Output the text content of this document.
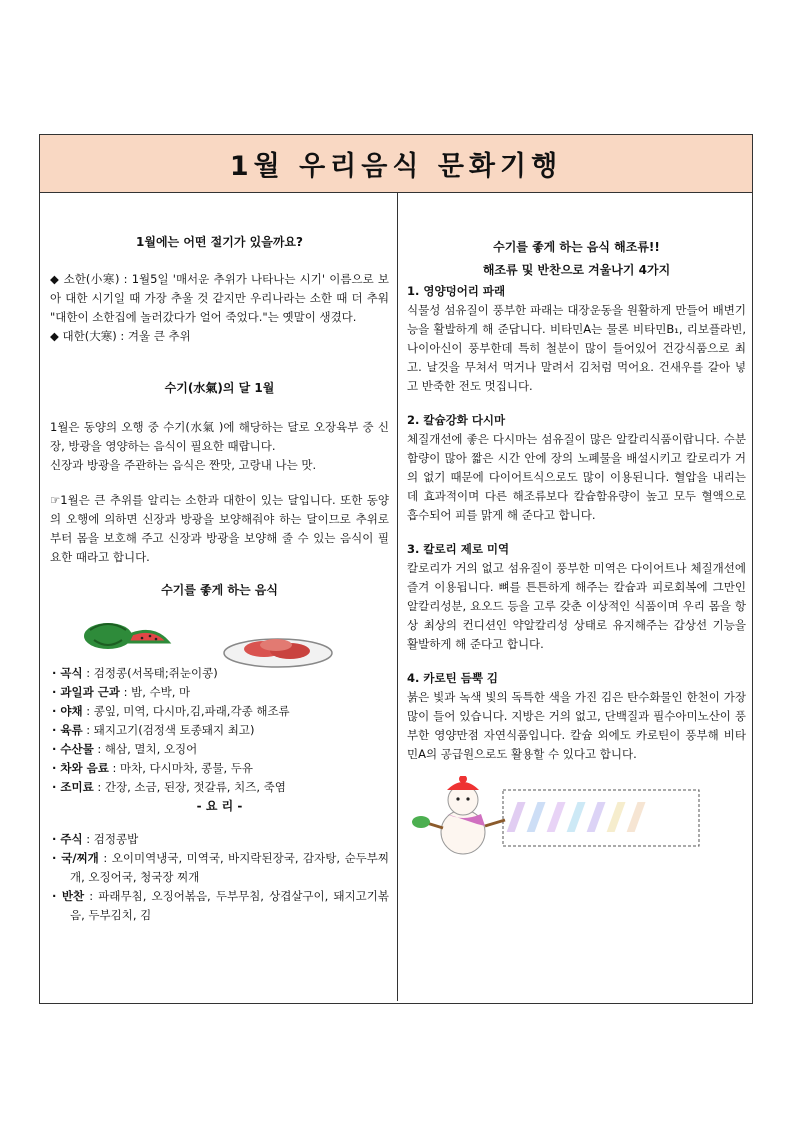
1월 우리음식 문화기행

1월에는 어떤 절기가 있을까요?

◆ 소한(小寒) : 1월5일 '매서운 추위가 나타나는 시기' 이름으로 보아 대한 시기일 때 가장 추울 것 같지만 우리나라는 소한 때 더 추워 "대한이 소한집에 놀러갔다가 얼어 죽었다."는 옛말이 생겼다.

◆ 대한(大寒) : 겨울 큰 추위

수기(水氣)의 달 1월

1월은 동양의 오행 중 수기(水氣 )에 해당하는 달로 오장육부 중 신장, 방광을 영양하는 음식이 필요한 때랍니다.

신장과 방광을 주관하는 음식은 짠맛, 고랑내 나는 맛.

☞1월은 큰 추위를 알리는 소한과 대한이 있는 달입니다. 또한 동양의 오행에 의하면 신장과 방광을 보양해줘야 하는 달이므로 추위로부터 몸을 보호해 주고 신장과 방광을 보양해 줄 수 있는 음식이 필요한 때라고 합니다.

수기를 좋게 하는 음식

· 곡식 : 검정콩(서목태;쥐눈이콩)

· 과일과 근과 : 밤, 수박, 마

· 야채 : 콩잎, 미역, 다시마,김,파래,각종 해조류

· 육류 : 돼지고기(검정색 토종돼지 최고)

· 수산물 : 해삼, 멸치, 오징어

· 차와 음료 : 마차, 다시마차, 콩물, 두유

· 조미료 : 간장, 소금, 된장, 젓갈류, 치즈, 죽염

- 요 리 -

· 주식 : 검정콩밥

· 국/찌개 : 오이미역냉국, 미역국, 바지락된장국, 감자탕, 순두부찌개, 오징어국, 청국장 찌개

· 반찬 : 파래무침, 오징어볶음, 두부무침, 상겹살구이, 돼지고기볶음, 두부김치, 김

수기를 좋게 하는 음식 해조류!!

해조류 및 반찬으로 겨울나기 4가지

1. 영양덩어리 파래

식물성 섬유질이 풍부한 파래는 대장운동을 원활하게 만들어 배변기능을 활발하게 해 준답니다. 비타민A는 물론 비타민B₁, 리보플라빈, 나이아신이 풍부한데 특히 철분이 많이 들어있어 건강식품으로 최고. 날것을 무쳐서 먹거나 말려서 김처럼 먹어요. 건새우를 갈아 넣고 반죽한 전도 멋집니다.

2. 칼슘강화 다시마

체질개선에 좋은 다시마는 섬유질이 많은 알칼리식품이랍니다. 수분함량이 많아 짧은 시간 안에 장의 노폐물을 배설시키고 칼로리가 거의 없기 때문에 다이어트식으로도 많이 이용된니다. 혈압을 내리는데 효과적이며 다른 해조류보다 칼슘함유량이 높고 모두 혈액으로 흡수되어 피를 맑게 해 준다고 합니다.

3. 칼로리 제로 미역

칼로리가 거의 없고 섬유질이 풍부한 미역은 다이어트나 체질개선에 즐겨 이용됩니다. 뼈를 튼튼하게 해주는 칼슘과 피로회복에 그만인 알칼리성분, 요오드 등을 고루 갖춘 이상적인 식품이며 우리 몸을 항상 최상의 컨디션인 약알칼리성 상태로 유지해주는 갑상선 기능을 활발하게 해 준다고 합니다.

4. 카로틴 듬뿍 김

붉은 빛과 녹색 빛의 독특한 색을 가진 김은 탄수화물인 한천이 가장 많이 들어 있습니다. 지방은 거의 없고, 단백질과 필수아미노산이 풍부한 영양만점 자연식품입니다. 칼슘 외에도 카로틴이 풍부해 비타민A의 공급원으로도 활용할 수 있다고 합니다.
